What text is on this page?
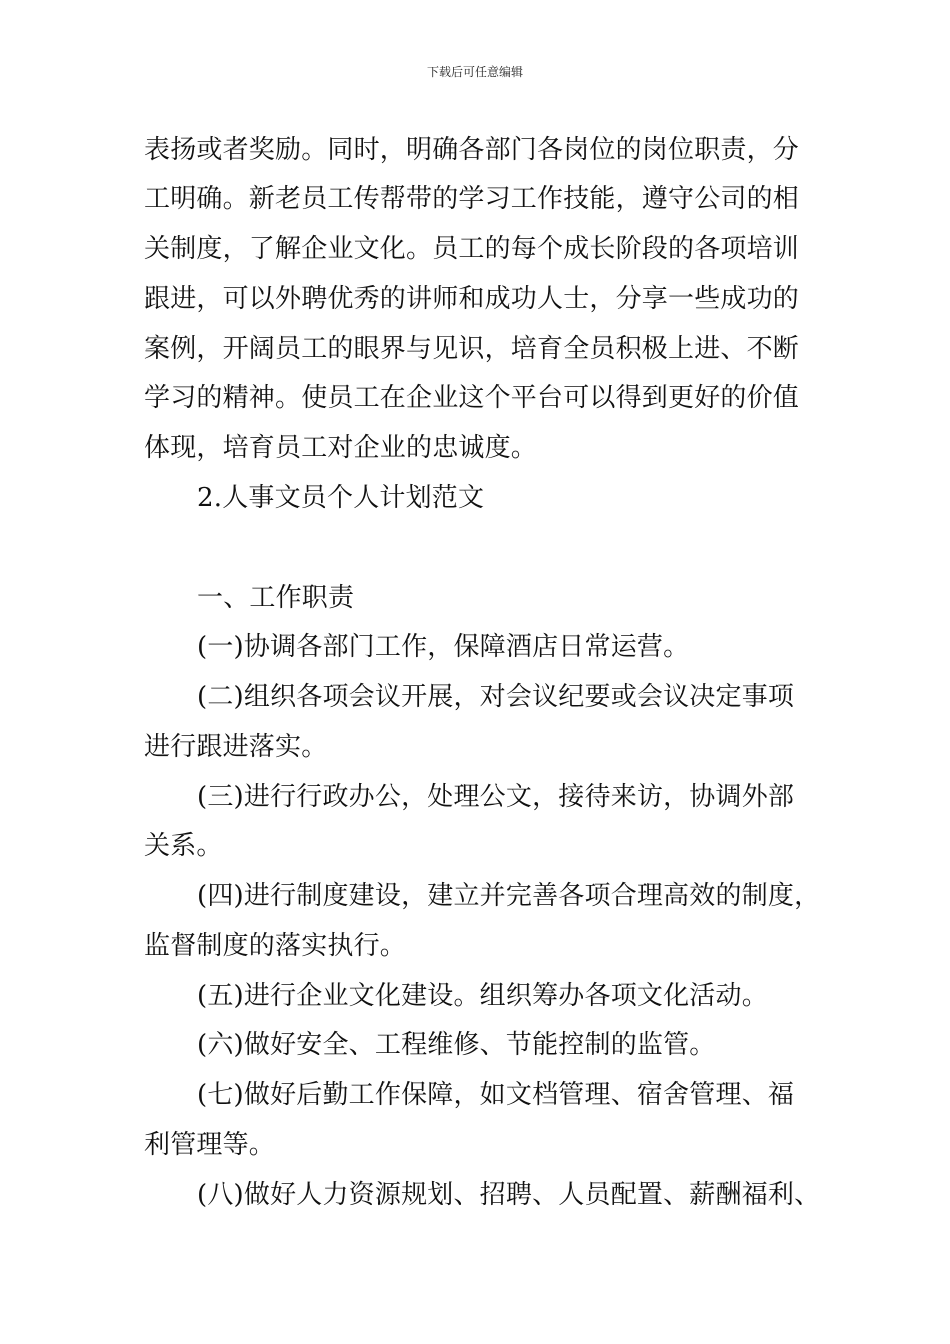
下载后可任意编辑
表扬或者奖励。同时，明确各部门各岗位的岗位职责，分
工明确。新老员工传帮带的学习工作技能，遵守公司的相
关制度，了解企业文化。员工的每个成长阶段的各项培训
跟进，可以外聘优秀的讲师和成功人士，分享一些成功的
案例，开阔员工的眼界与见识，培育全员积极上进、不断
学习的精神。使员工在企业这个平台可以得到更好的价值
体现，培育员工对企业的忠诚度。
2.人事文员个人计划范文
一、工作职责
(一)协调各部门工作，保障酒店日常运营。
(二)组织各项会议开展，对会议纪要或会议决定事项
进行跟进落实。
(三)进行行政办公，处理公文，接待来访，协调外部
关系。
(四)进行制度建设，建立并完善各项合理高效的制度，
监督制度的落实执行。
(五)进行企业文化建设。组织筹办各项文化活动。
(六)做好安全、工程维修、节能控制的监管。
(七)做好后勤工作保障，如文档管理、宿舍管理、福
利管理等。
(八)做好人力资源规划、招聘、人员配置、薪酬福利、
